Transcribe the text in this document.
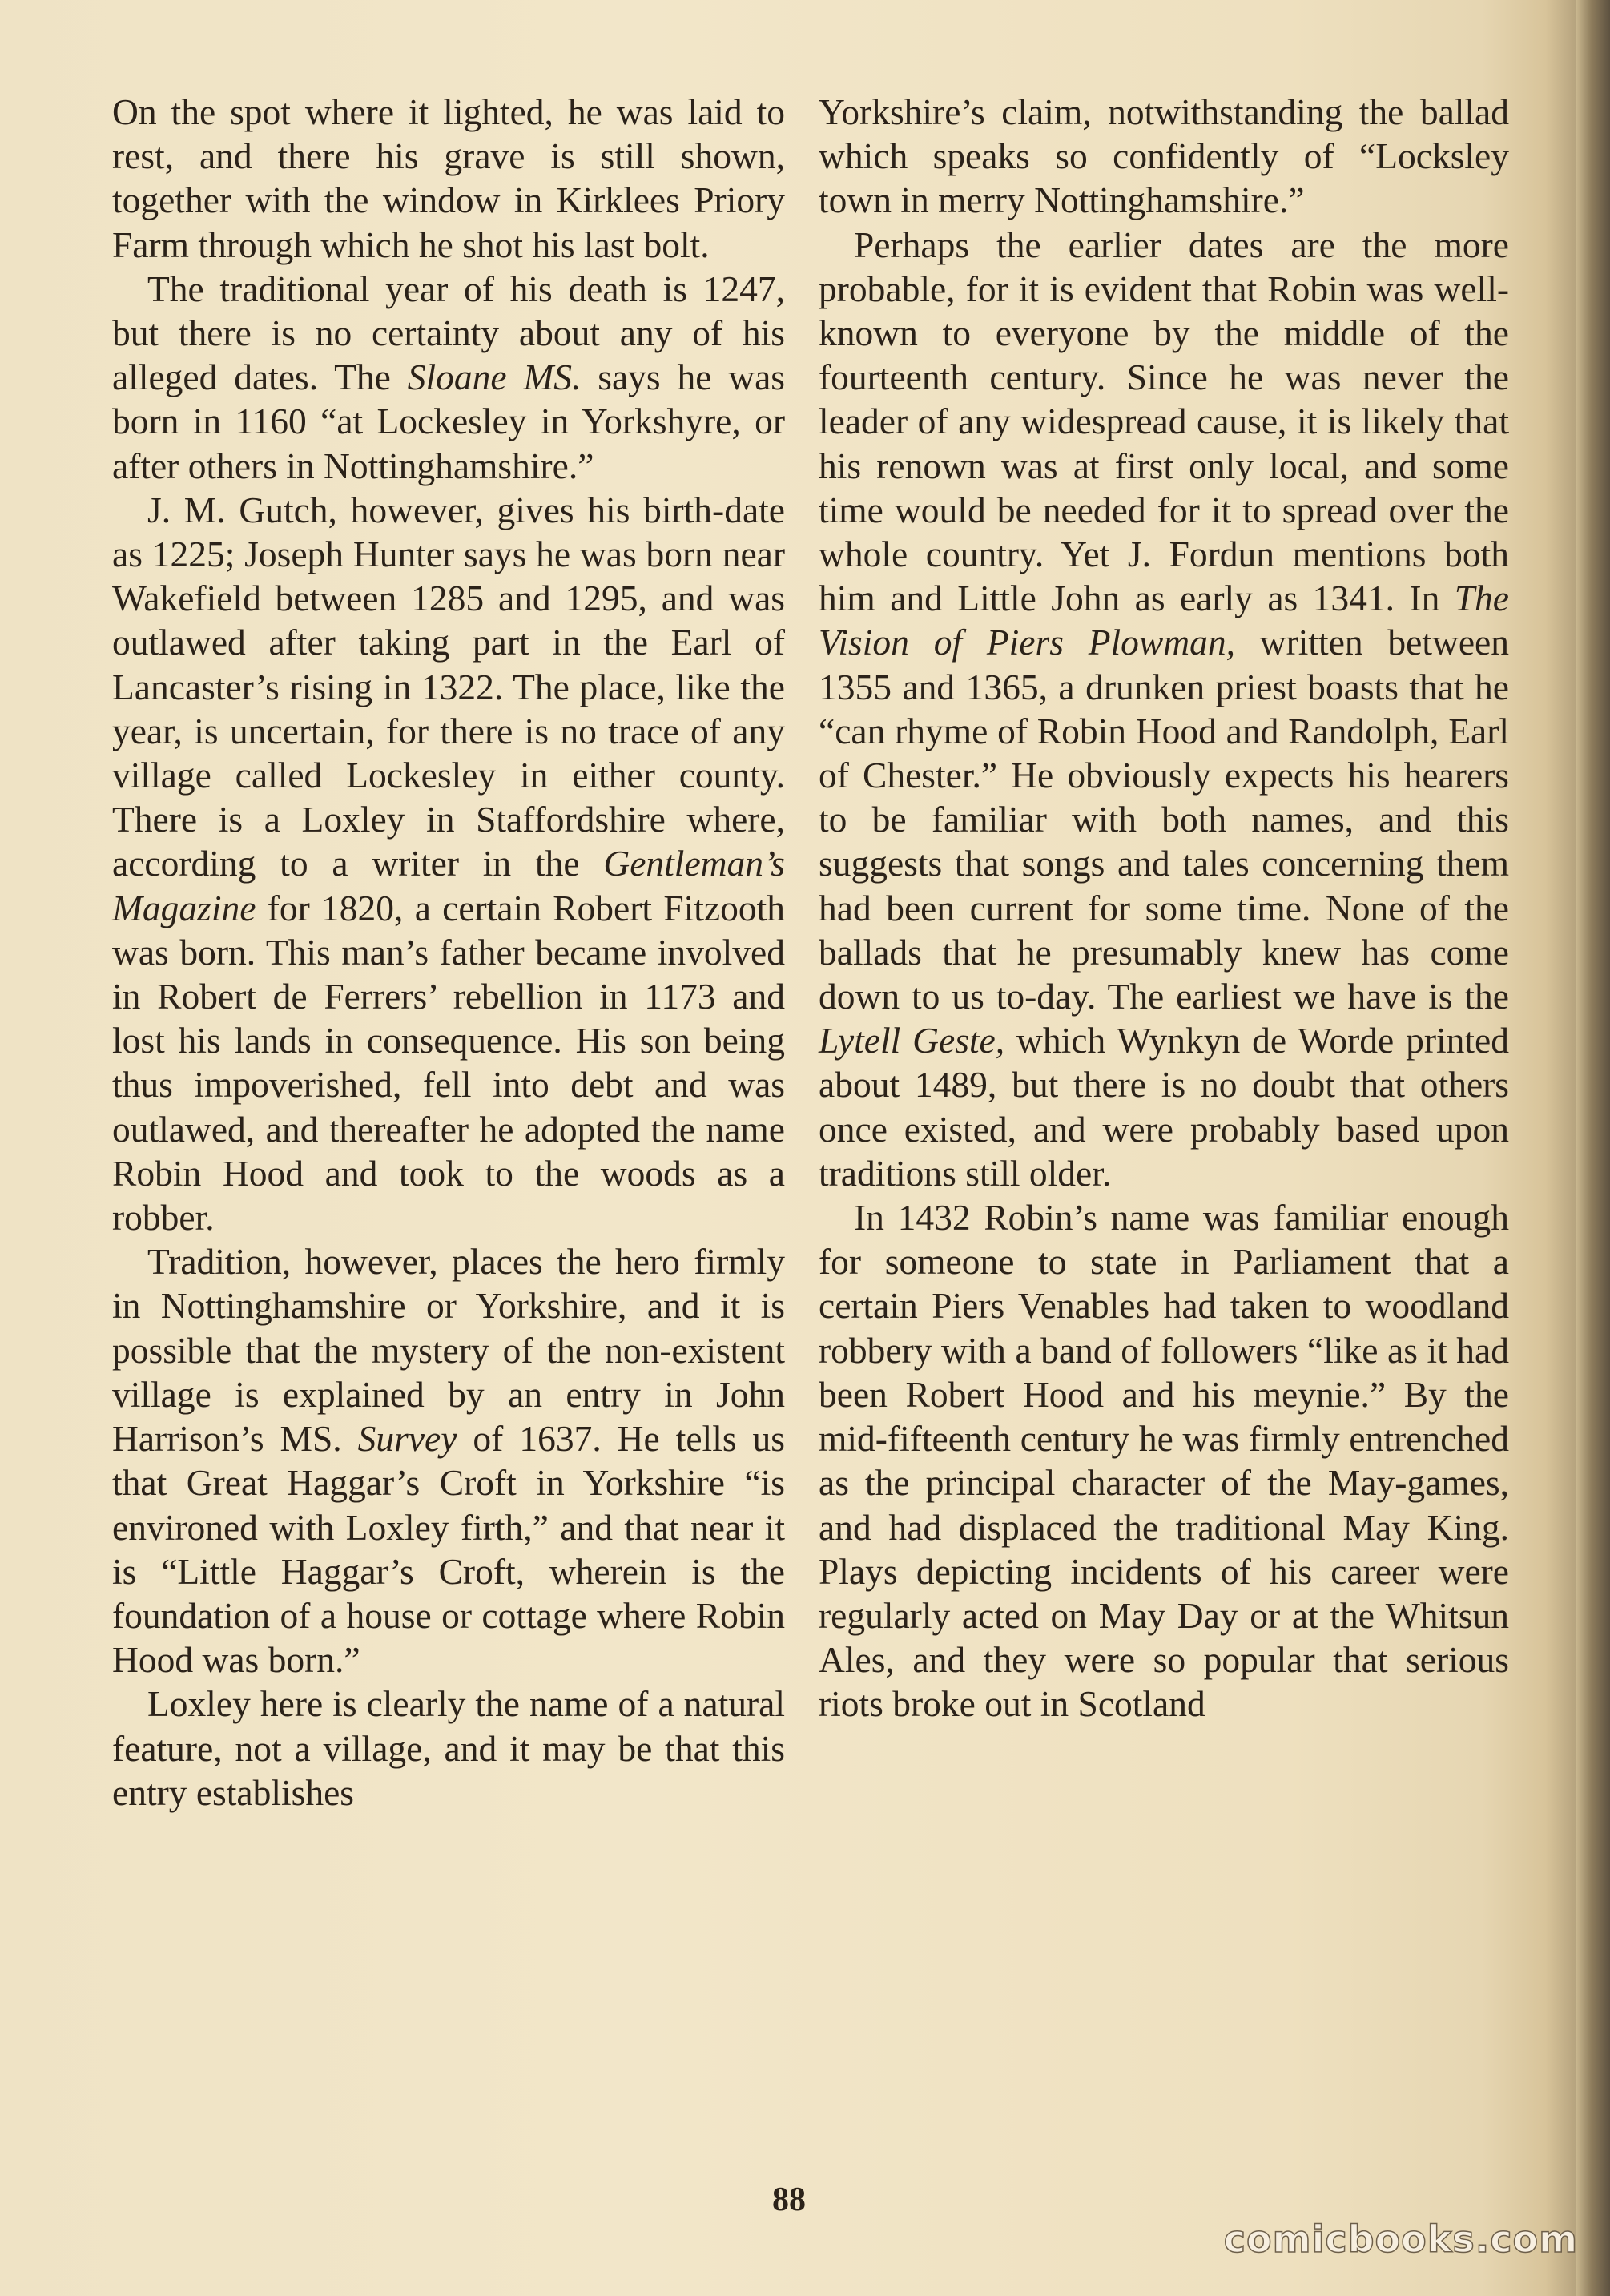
On the spot where it lighted, he was laid to rest, and there his grave is still shown, together with the window in Kirklees Priory Farm through which he shot his last bolt.

The traditional year of his death is 1247, but there is no certainty about any of his alleged dates. The Sloane MS. says he was born in 1160 “at Lockesley in Yorkshyre, or after others in Nottinghamshire.”

J. M. Gutch, however, gives his birth-date as 1225; Joseph Hunter says he was born near Wakefield between 1285 and 1295, and was outlawed after taking part in the Earl of Lancaster’s rising in 1322. The place, like the year, is uncertain, for there is no trace of any village called Lockesley in either county. There is a Loxley in Staffordshire where, according to a writer in the Gentleman’s Magazine for 1820, a certain Robert Fitzooth was born. This man’s father became involved in Robert de Ferrers’ rebellion in 1173 and lost his lands in consequence. His son being thus impoverished, fell into debt and was outlawed, and thereafter he adopted the name Robin Hood and took to the woods as a robber.

Tradition, however, places the hero firmly in Nottinghamshire or Yorkshire, and it is possible that the mystery of the non-existent village is explained by an entry in John Harrison’s MS. Survey of 1637. He tells us that Great Haggar’s Croft in Yorkshire “is environed with Loxley firth,” and that near it is “Little Haggar’s Croft, wherein is the foundation of a house or cottage where Robin Hood was born.”

Loxley here is clearly the name of a natural feature, not a village, and it may be that this entry establishes

Yorkshire’s claim, notwithstanding the ballad which speaks so confidently of “Locksley town in merry Nottinghamshire.”

Perhaps the earlier dates are the more probable, for it is evident that Robin was well-known to everyone by the middle of the fourteenth century. Since he was never the leader of any widespread cause, it is likely that his renown was at first only local, and some time would be needed for it to spread over the whole country. Yet J. Fordun mentions both him and Little John as early as 1341. In The Vision of Piers Plowman, written between 1355 and 1365, a drunken priest boasts that he “can rhyme of Robin Hood and Randolph, Earl of Chester.” He obviously expects his hearers to be familiar with both names, and this suggests that songs and tales concerning them had been current for some time. None of the ballads that he presumably knew has come down to us to-day. The earliest we have is the Lytell Geste, which Wynkyn de Worde printed about 1489, but there is no doubt that others once existed, and were probably based upon traditions still older.

In 1432 Robin’s name was familiar enough for someone to state in Parliament that a certain Piers Venables had taken to woodland robbery with a band of followers “like as it had been Robert Hood and his meynie.” By the mid-fifteenth century he was firmly entrenched as the principal character of the May-games, and had displaced the traditional May King. Plays depicting incidents of his career were regularly acted on May Day or at the Whitsun Ales, and they were so popular that serious riots broke out in Scotland

88
comicbooks.com
